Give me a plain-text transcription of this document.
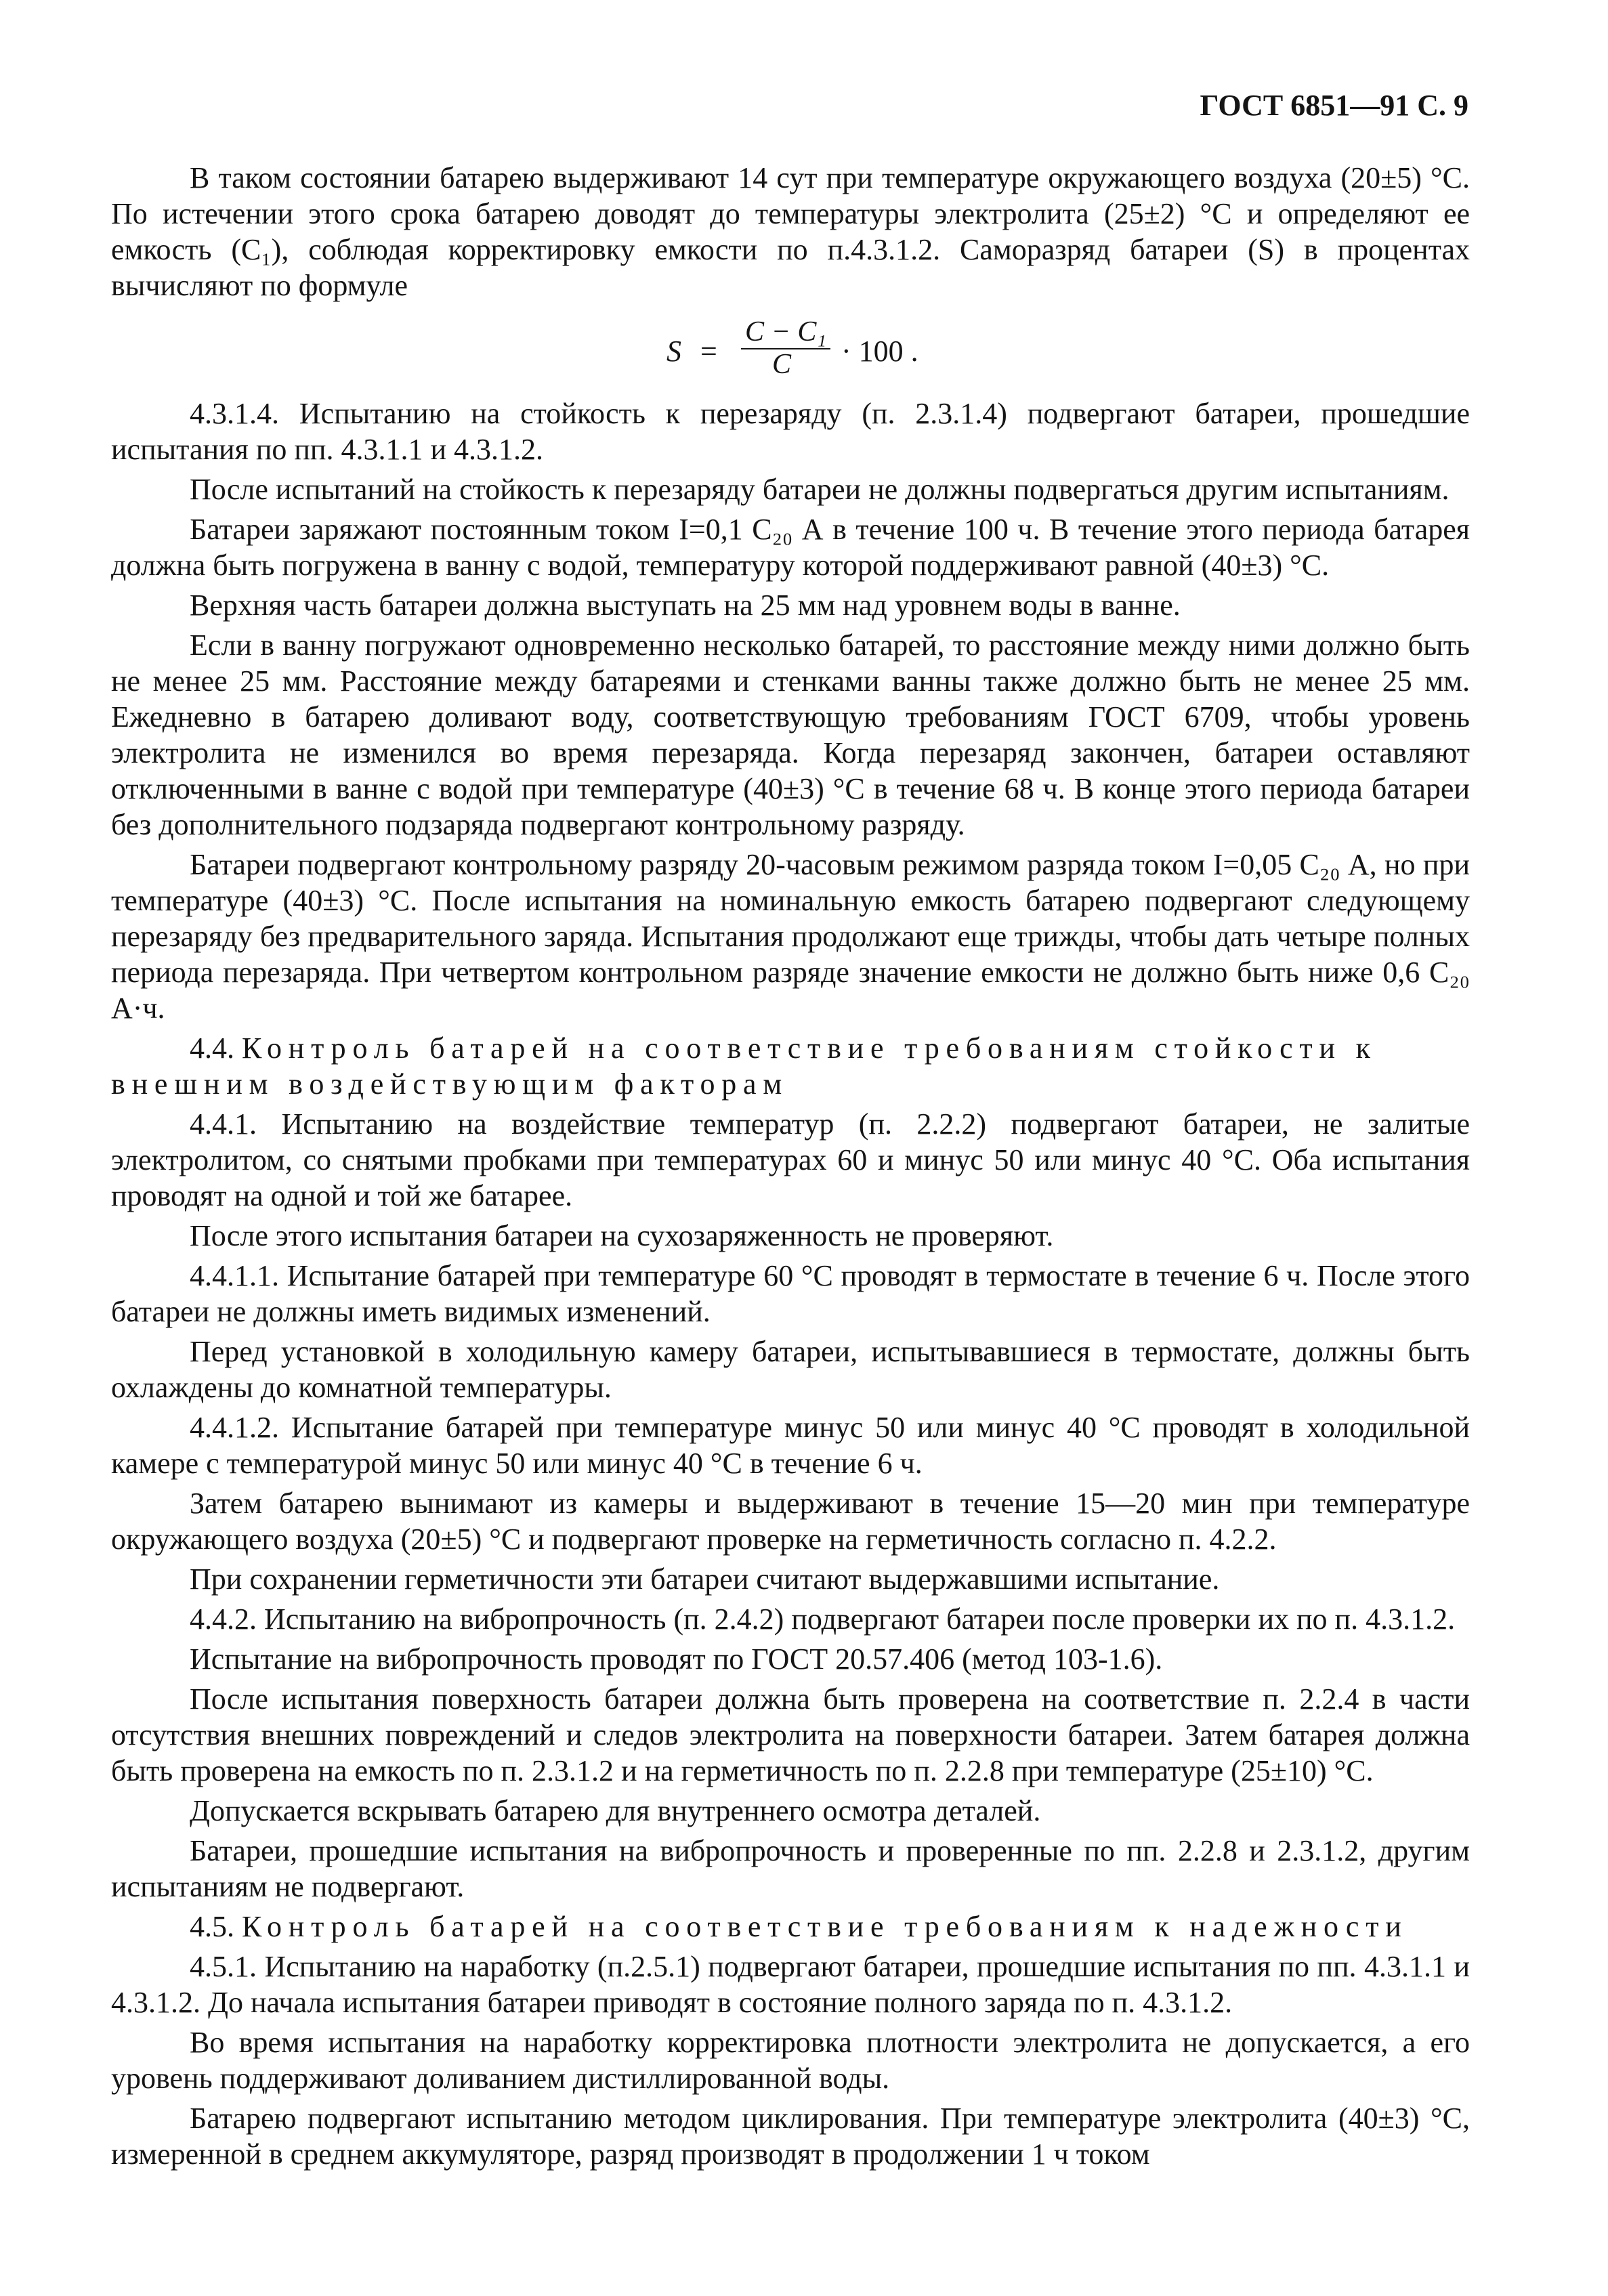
ГОСТ 6851—91 С. 9

В таком состоянии батарею выдерживают 14 сут при температуре окружающего воздуха (20±5) °С. По истечении этого срока батарею доводят до температуры электролита (25±2) °С и определяют ее емкость (C₁), соблюдая корректировку емкости по п.4.3.1.2. Саморазряд батареи (S) в процентах вычисляют по формуле

S =
C − C₁
C · 100 .

4.3.1.4. Испытанию на стойкость к перезаряду (п. 2.3.1.4) подвергают батареи, прошедшие испытания по пп. 4.3.1.1 и 4.3.1.2.

После испытаний на стойкость к перезаряду батареи не должны подвергаться другим испытаниям.

Батареи заряжают постоянным током I=0,1 C₂₀ А в течение 100 ч. В течение этого периода батарея должна быть погружена в ванну с водой, температуру которой поддерживают равной (40±3) °С.

Верхняя часть батареи должна выступать на 25 мм над уровнем воды в ванне.

Если в ванну погружают одновременно несколько батарей, то расстояние между ними должно быть не менее 25 мм. Расстояние между батареями и стенками ванны также должно быть не менее 25 мм. Ежедневно в батарею доливают воду, соответствующую требованиям ГОСТ 6709, чтобы уровень электролита не изменился во время перезаряда. Когда перезаряд закончен, батареи оставляют отключенными в ванне с водой при температуре (40±3) °С в течение 68 ч. В конце этого периода батареи без дополнительного подзаряда подвергают контрольному разряду.

Батареи подвергают контрольному разряду 20-часовым режимом разряда током I=0,05 C₂₀ А, но при температуре (40±3) °С. После испытания на номинальную емкость батарею подвергают следующему перезаряду без предварительного заряда. Испытания продолжают еще трижды, чтобы дать четыре полных периода перезаряда. При четвертом контрольном разряде значение емкости не должно быть ниже 0,6 C₂₀ А·ч.

4.4. Контроль батарей на соответствие требованиям стойкости к внешним воздействующим факторам

4.4.1. Испытанию на воздействие температур (п. 2.2.2) подвергают батареи, не залитые электролитом, со снятыми пробками при температурах 60 и минус 50 или минус 40 °С. Оба испытания проводят на одной и той же батарее.

После этого испытания батареи на сухозаряженность не проверяют.

4.4.1.1. Испытание батарей при температуре 60 °С проводят в термостате в течение 6 ч. После этого батареи не должны иметь видимых изменений.

Перед установкой в холодильную камеру батареи, испытывавшиеся в термостате, должны быть охлаждены до комнатной температуры.

4.4.1.2. Испытание батарей при температуре минус 50 или минус 40 °С проводят в холодильной камере с температурой минус 50 или минус 40 °С в течение 6 ч.

Затем батарею вынимают из камеры и выдерживают в течение 15—20 мин при температуре окружающего воздуха (20±5) °С и подвергают проверке на герметичность согласно п. 4.2.2.

При сохранении герметичности эти батареи считают выдержавшими испытание.

4.4.2. Испытанию на вибропрочность (п. 2.4.2) подвергают батареи после проверки их по п. 4.3.1.2.

Испытание на вибропрочность проводят по ГОСТ 20.57.406 (метод 103-1.6).

После испытания поверхность батареи должна быть проверена на соответствие п. 2.2.4 в части отсутствия внешних повреждений и следов электролита на поверхности батареи. Затем батарея должна быть проверена на емкость по п. 2.3.1.2 и на герметичность по п. 2.2.8 при температуре (25±10) °С.

Допускается вскрывать батарею для внутреннего осмотра деталей.

Батареи, прошедшие испытания на вибропрочность и проверенные по пп. 2.2.8 и 2.3.1.2, другим испытаниям не подвергают.

4.5. Контроль батарей на соответствие требованиям к надежности

4.5.1. Испытанию на наработку (п.2.5.1) подвергают батареи, прошедшие испытания по пп. 4.3.1.1 и 4.3.1.2. До начала испытания батареи приводят в состояние полного заряда по п. 4.3.1.2.

Во время испытания на наработку корректировка плотности электролита не допускается, а его уровень поддерживают доливанием дистиллированной воды.

Батарею подвергают испытанию методом циклирования. При температуре электролита (40±3) °С, измеренной в среднем аккумуляторе, разряд производят в продолжении 1 ч током
